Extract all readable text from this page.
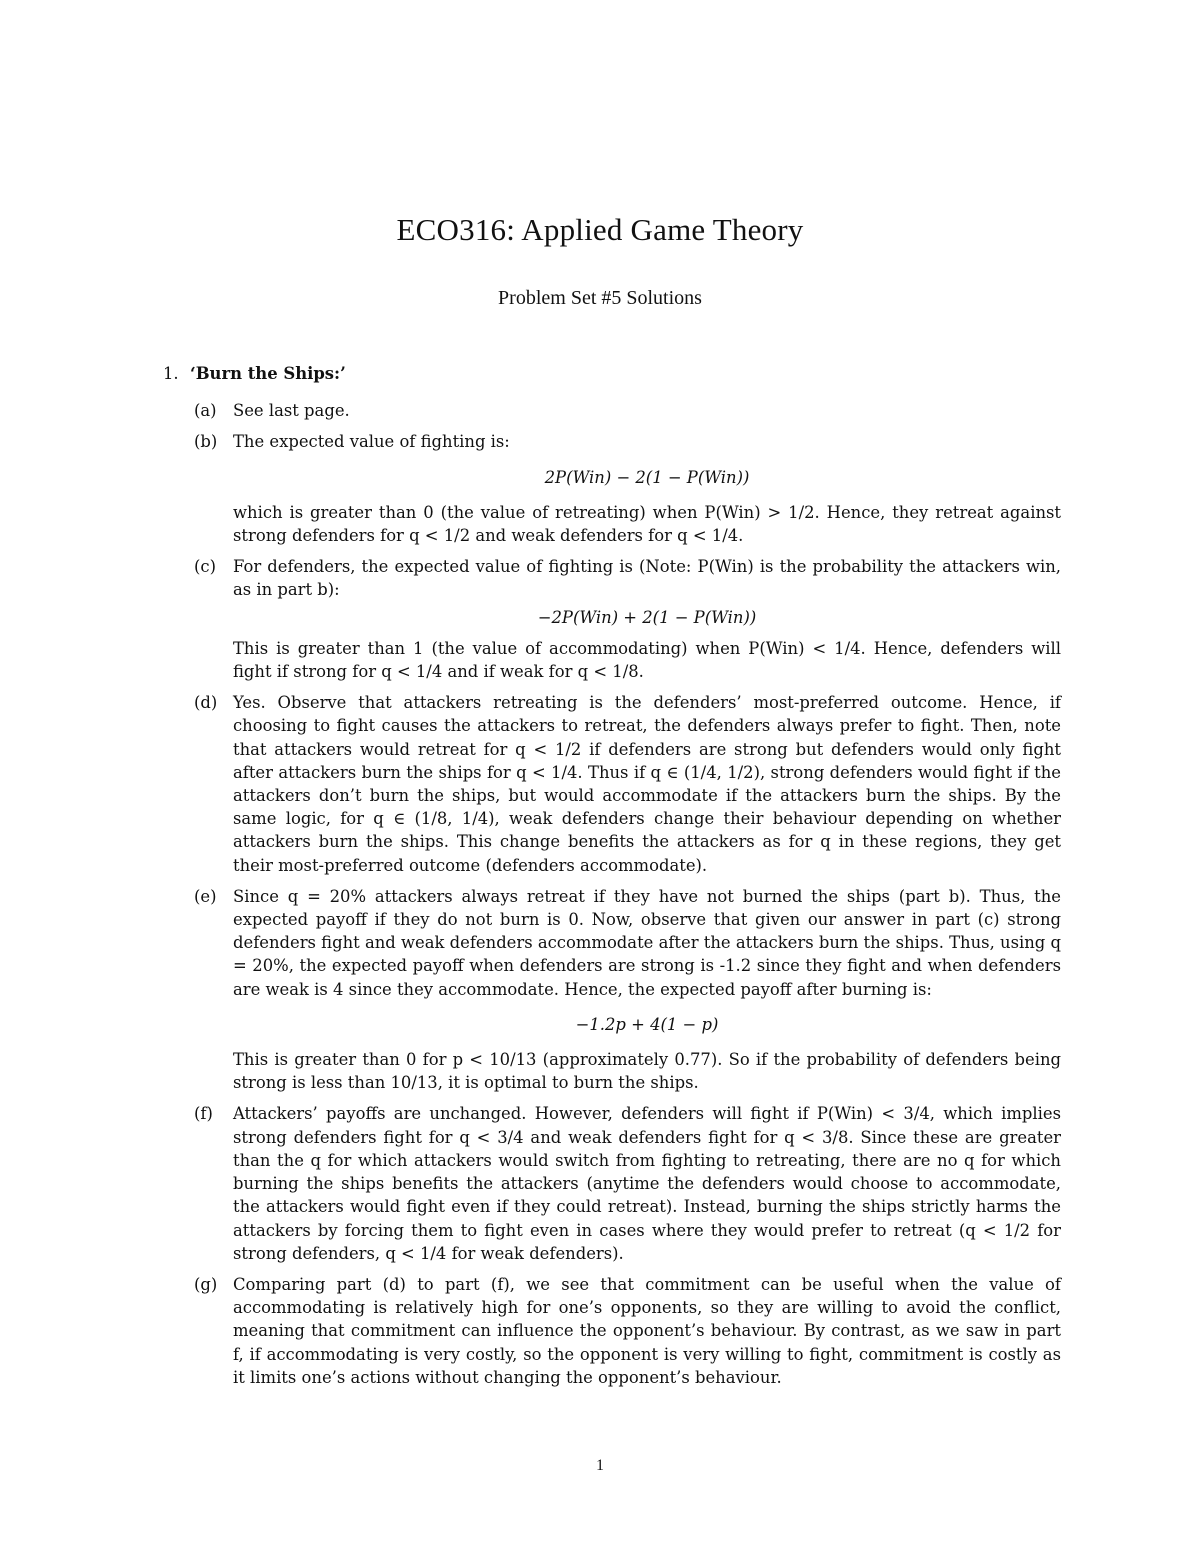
ECO316: Applied Game Theory
Problem Set #5 Solutions
1. ‘Burn the Ships:’
(a) See last page.

(b) The expected value of fighting is:

2P(Win) − 2(1 − P(Win))

which is greater than 0 (the value of retreating) when P(Win) > 1/2. Hence, they retreat against strong defenders for q < 1/2 and weak defenders for q < 1/4.

(c) For defenders, the expected value of fighting is (Note: P(Win) is the probability the attackers win, as in part b):

−2P(Win) + 2(1 − P(Win))

This is greater than 1 (the value of accommodating) when P(Win) < 1/4. Hence, defenders will fight if strong for q < 1/4 and if weak for q < 1/8.

(d) Yes. Observe that attackers retreating is the defenders’ most-preferred outcome. Hence, if choosing to fight causes the attackers to retreat, the defenders always prefer to fight. Then, note that attackers would retreat for q < 1/2 if defenders are strong but defenders would only fight after attackers burn the ships for q < 1/4. Thus if q ∈ (1/4, 1/2), strong defenders would fight if the attackers don’t burn the ships, but would accommodate if the attackers burn the ships. By the same logic, for q ∈ (1/8, 1/4), weak defenders change their behaviour depending on whether attackers burn the ships. This change benefits the attackers as for q in these regions, they get their most-preferred outcome (defenders accommodate).

(e) Since q = 20% attackers always retreat if they have not burned the ships (part b). Thus, the expected payoff if they do not burn is 0. Now, observe that given our answer in part (c) strong defenders fight and weak defenders accommodate after the attackers burn the ships. Thus, using q = 20%, the expected payoff when defenders are strong is -1.2 since they fight and when defenders are weak is 4 since they accommodate. Hence, the expected payoff after burning is:

−1.2p + 4(1 − p)

This is greater than 0 for p < 10/13 (approximately 0.77). So if the probability of defenders being strong is less than 10/13, it is optimal to burn the ships.

(f) Attackers’ payoffs are unchanged. However, defenders will fight if P(Win) < 3/4, which implies strong defenders fight for q < 3/4 and weak defenders fight for q < 3/8. Since these are greater than the q for which attackers would switch from fighting to retreating, there are no q for which burning the ships benefits the attackers (anytime the defenders would choose to accommodate, the attackers would fight even if they could retreat). Instead, burning the ships strictly harms the attackers by forcing them to fight even in cases where they would prefer to retreat (q < 1/2 for strong defenders, q < 1/4 for weak defenders).

(g) Comparing part (d) to part (f), we see that commitment can be useful when the value of accommodating is relatively high for one’s opponents, so they are willing to avoid the conflict, meaning that commitment can influence the opponent’s behaviour. By contrast, as we saw in part f, if accommodating is very costly, so the opponent is very willing to fight, commitment is costly as it limits one’s actions without changing the opponent’s behaviour.

1
